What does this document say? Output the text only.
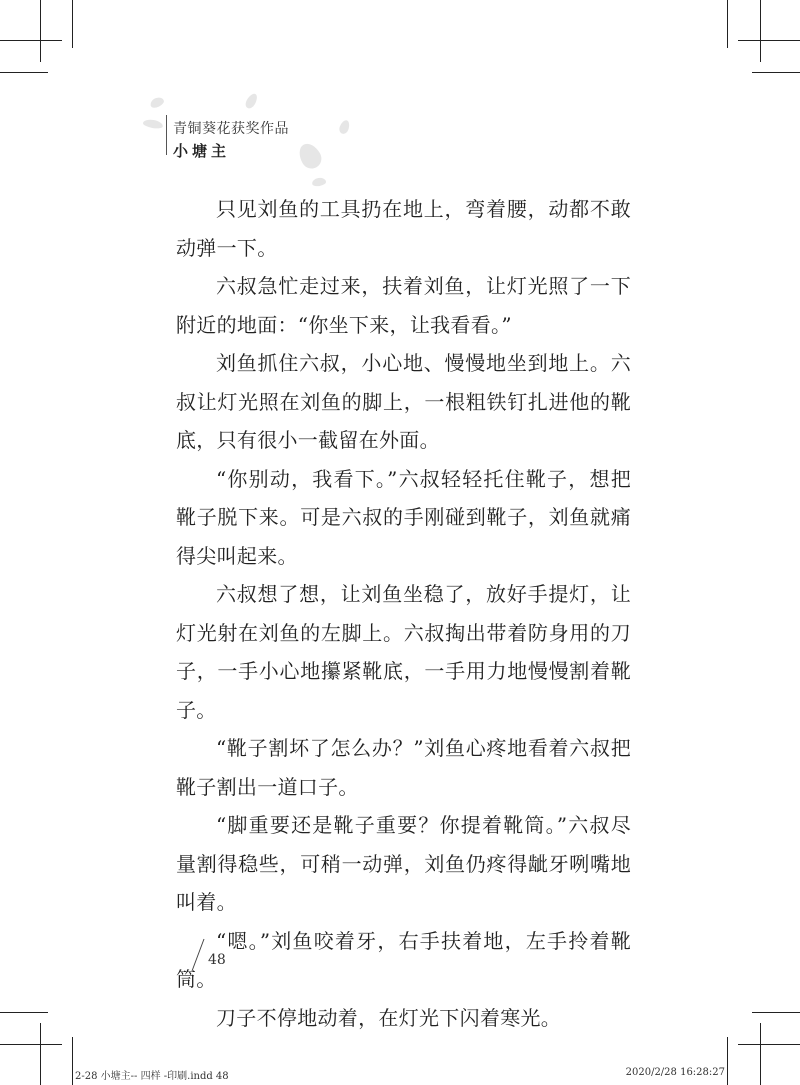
青铜葵花获奖作品
小塘主

只见刘鱼的工具扔在地上，弯着腰，动都不敢动弹一下。

六叔急忙走过来，扶着刘鱼，让灯光照了一下附近的地面：“你坐下来，让我看看。”

刘鱼抓住六叔，小心地、慢慢地坐到地上。六叔让灯光照在刘鱼的脚上，一根粗铁钉扎进他的靴底，只有很小一截留在外面。

“你别动，我看下。”六叔轻轻托住靴子，想把靴子脱下来。可是六叔的手刚碰到靴子，刘鱼就痛得尖叫起来。

六叔想了想，让刘鱼坐稳了，放好手提灯，让灯光射在刘鱼的左脚上。六叔掏出带着防身用的刀子，一手小心地攥紧靴底，一手用力地慢慢割着靴子。

“靴子割坏了怎么办？”刘鱼心疼地看着六叔把靴子割出一道口子。

“脚重要还是靴子重要？你提着靴筒。”六叔尽量割得稳些，可稍一动弹，刘鱼仍疼得龇牙咧嘴地叫着。

“嗯。”刘鱼咬着牙，右手扶着地，左手拎着靴筒。

刀子不停地动着，在灯光下闪着寒光。

48
2-28 小塘主-- 四样 -印刷.indd 48	2020/2/28 16:28:27
